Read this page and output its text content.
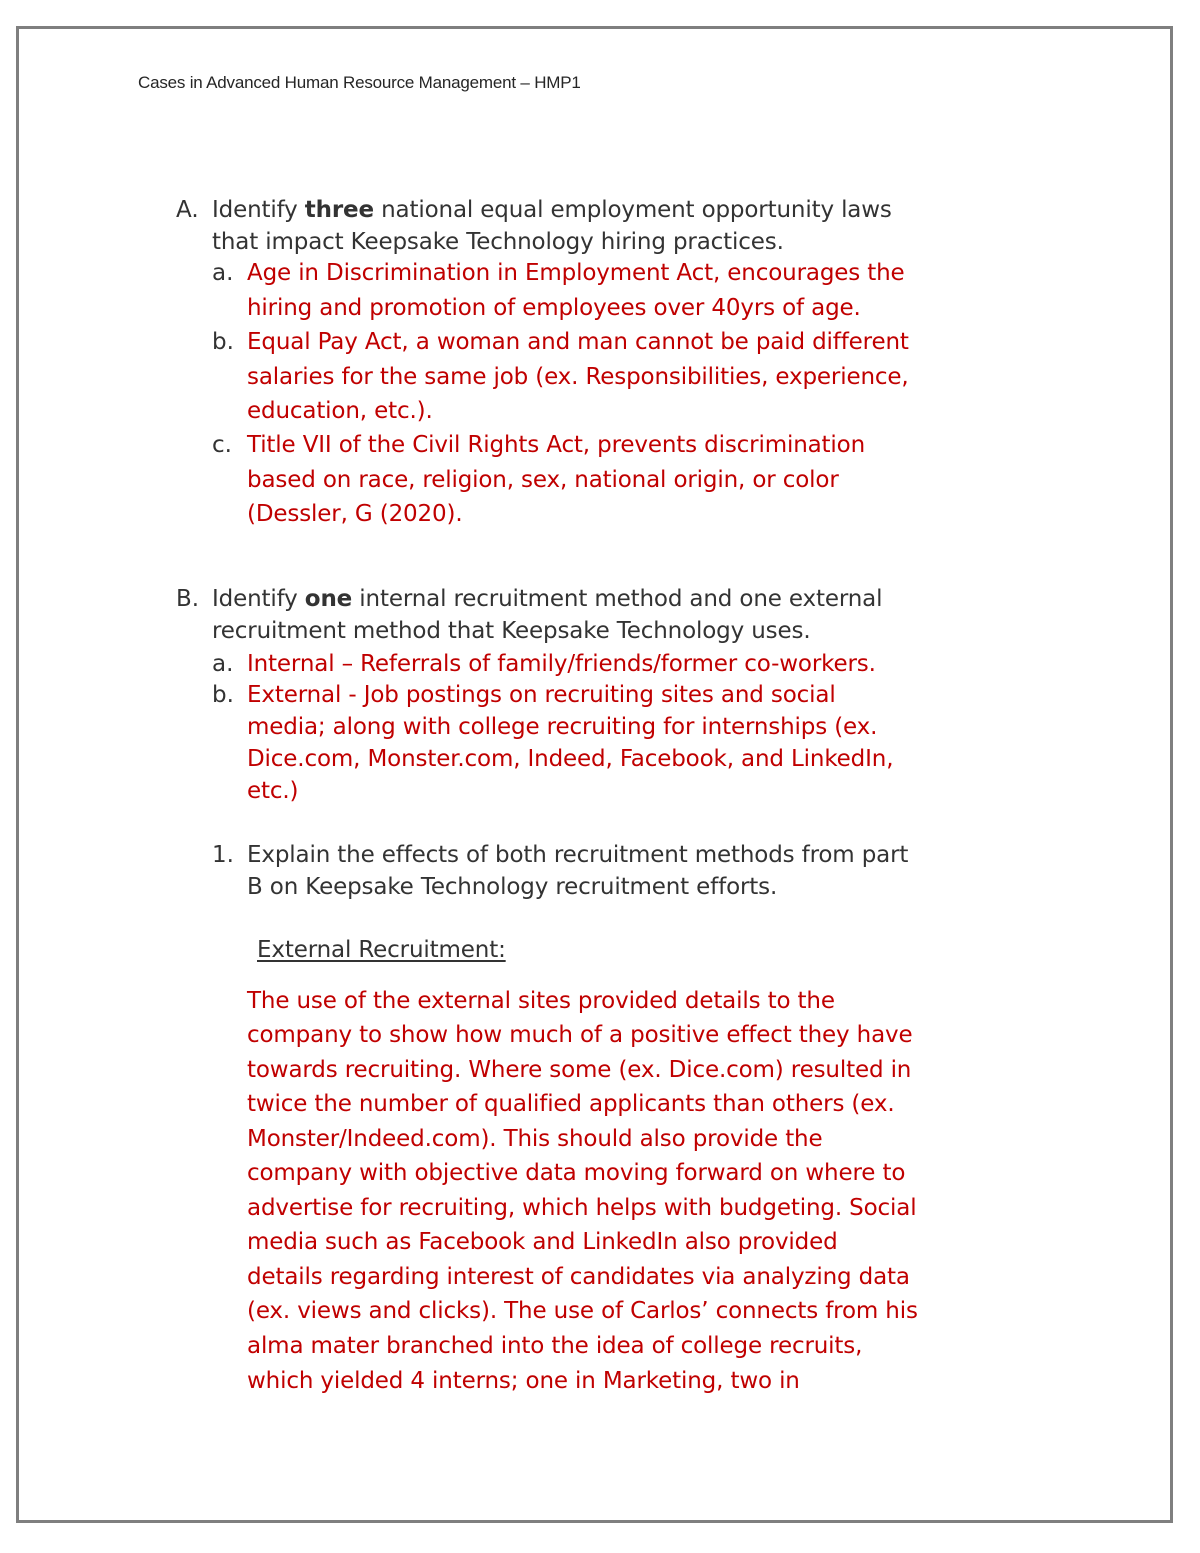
Cases in Advanced Human Resource Management – HMP1
A. Identify three national equal employment opportunity laws
that impact Keepsake Technology hiring practices.
a. Age in Discrimination in Employment Act, encourages the
hiring and promotion of employees over 40yrs of age.
b. Equal Pay Act, a woman and man cannot be paid different
salaries for the same job (ex. Responsibilities, experience,
education, etc.).
c. Title VII of the Civil Rights Act, prevents discrimination
based on race, religion, sex, national origin, or color
(Dessler, G (2020).
B. Identify one internal recruitment method and one external
recruitment method that Keepsake Technology uses.
a. Internal – Referrals of family/friends/former co-workers.
b. External - Job postings on recruiting sites and social
media; along with college recruiting for internships (ex.
Dice.com, Monster.com, Indeed, Facebook, and LinkedIn,
etc.)
1. Explain the effects of both recruitment methods from part
B on Keepsake Technology recruitment efforts.
External Recruitment:
The use of the external sites provided details to the
company to show how much of a positive effect they have
towards recruiting. Where some (ex. Dice.com) resulted in
twice the number of qualified applicants than others (ex.
Monster/Indeed.com). This should also provide the
company with objective data moving forward on where to
advertise for recruiting, which helps with budgeting. Social
media such as Facebook and LinkedIn also provided
details regarding interest of candidates via analyzing data
(ex. views and clicks). The use of Carlos’ connects from his
alma mater branched into the idea of college recruits,
which yielded 4 interns; one in Marketing, two in
